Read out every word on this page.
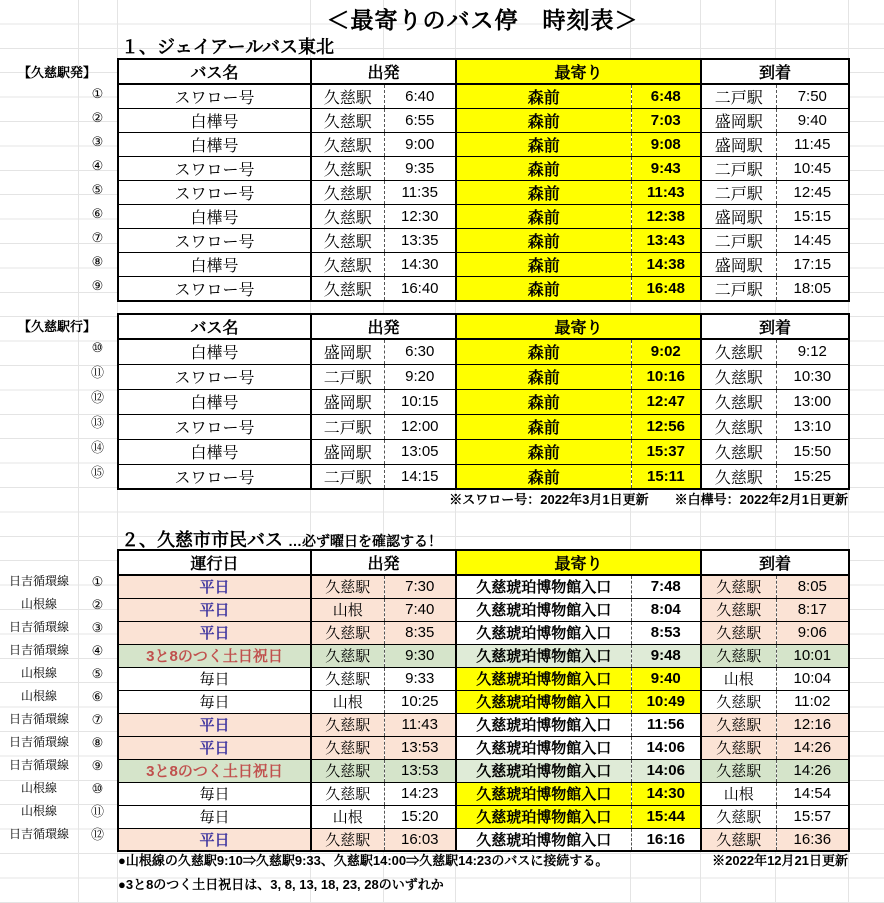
＜最寄りのバス停　時刻表＞
１、ジェイアールバス東北
【久慈駅発】
①
②
③
④
⑤
⑥
⑦
⑧
⑨
バス名	出発		最寄り		到着	
スワロー号	久慈駅	6:40	森前	6:48	二戸駅	7:50
白樺号	久慈駅	6:55	森前	7:03	盛岡駅	9:40
白樺号	久慈駅	9:00	森前	9:08	盛岡駅	11:45
スワロー号	久慈駅	9:35	森前	9:43	二戸駅	10:45
スワロー号	久慈駅	11:35	森前	11:43	二戸駅	12:45
白樺号	久慈駅	12:30	森前	12:38	盛岡駅	15:15
スワロー号	久慈駅	13:35	森前	13:43	二戸駅	14:45
白樺号	久慈駅	14:30	森前	14:38	盛岡駅	17:15
スワロー号	久慈駅	16:40	森前	16:48	二戸駅	18:05
【久慈駅行】
⑩
⑪
⑫
⑬
⑭
⑮
バス名	出発		最寄り		到着	
白樺号	盛岡駅	6:30	森前	9:02	久慈駅	9:12
スワロー号	二戸駅	9:20	森前	10:16	久慈駅	10:30
白樺号	盛岡駅	10:15	森前	12:47	久慈駅	13:00
スワロー号	二戸駅	12:00	森前	12:56	久慈駅	13:10
白樺号	盛岡駅	13:05	森前	15:37	久慈駅	15:50
スワロー号	二戸駅	14:15	森前	15:11	久慈駅	15:25
※スワロー号：2022年3月1日更新　　※白樺号：2022年2月1日更新
２、久慈市市民バス …必ず曜日を確認する！
日吉循環線
山根線
日吉循環線
日吉循環線
山根線
山根線
日吉循環線
日吉循環線
日吉循環線
山根線
山根線
日吉循環線
①
②
③
④
⑤
⑥
⑦
⑧
⑨
⑩
⑪
⑫
運行日	出発		最寄り		到着	
平日	久慈駅	7:30	久慈琥珀博物館入口	7:48	久慈駅	8:05
平日	山根	7:40	久慈琥珀博物館入口	8:04	久慈駅	8:17
平日	久慈駅	8:35	久慈琥珀博物館入口	8:53	久慈駅	9:06
3と8のつく土日祝日	久慈駅	9:30	久慈琥珀博物館入口	9:48	久慈駅	10:01
毎日	久慈駅	9:33	久慈琥珀博物館入口	9:40	山根	10:04
毎日	山根	10:25	久慈琥珀博物館入口	10:49	久慈駅	11:02
平日	久慈駅	11:43	久慈琥珀博物館入口	11:56	久慈駅	12:16
平日	久慈駅	13:53	久慈琥珀博物館入口	14:06	久慈駅	14:26
3と8のつく土日祝日	久慈駅	13:53	久慈琥珀博物館入口	14:06	久慈駅	14:26
毎日	久慈駅	14:23	久慈琥珀博物館入口	14:30	山根	14:54
毎日	山根	15:20	久慈琥珀博物館入口	15:44	久慈駅	15:57
平日	久慈駅	16:03	久慈琥珀博物館入口	16:16	久慈駅	16:36
●山根線の久慈駅9:10⇒久慈駅9:33、久慈駅14:00⇒久慈駅14:23のバスに接続する。	※2022年12月21日更新
●3と8のつく土日祝日は、3, 8, 13, 18, 23, 28のいずれか
